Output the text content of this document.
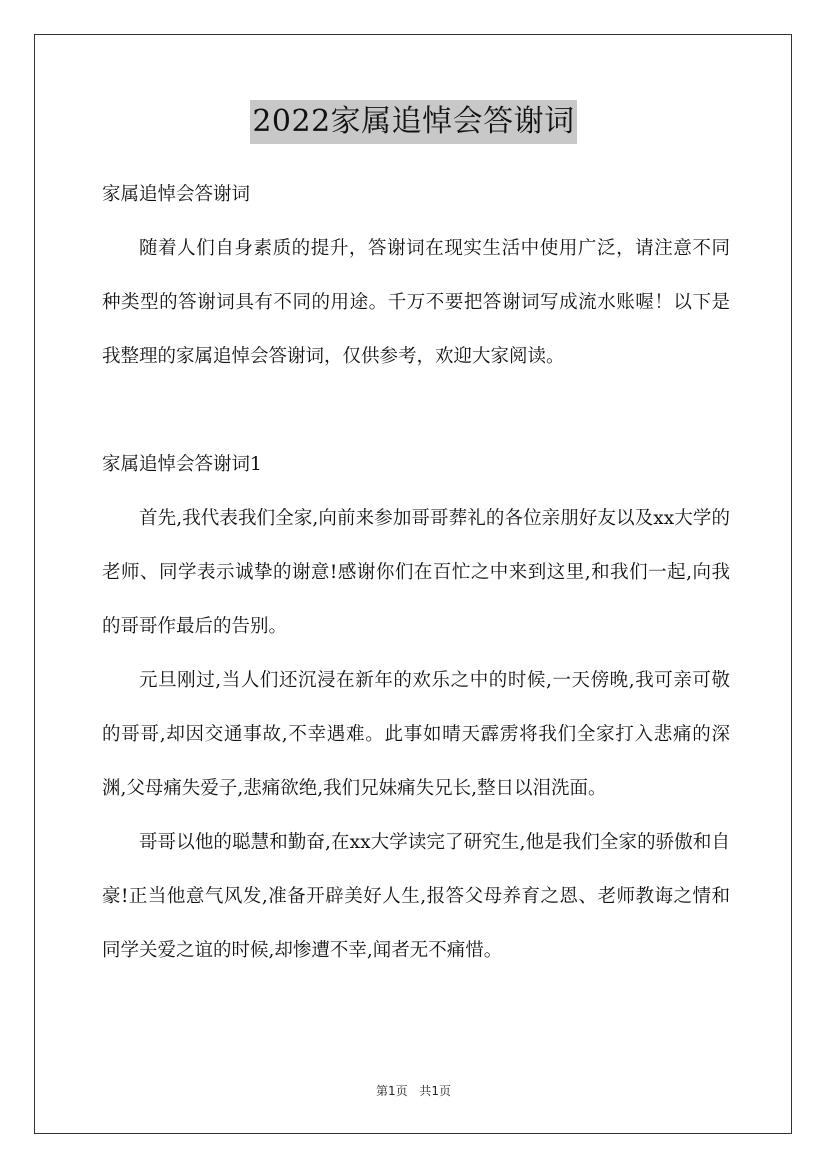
2022家属追悼会答谢词

家属追悼会答谢词

随着人们自身素质的提升，答谢词在现实生活中使用广泛，请注意不同种类型的答谢词具有不同的用途。千万不要把答谢词写成流水账喔！以下是我整理的家属追悼会答谢词，仅供参考，欢迎大家阅读。

家属追悼会答谢词1

首先,我代表我们全家,向前来参加哥哥葬礼的各位亲朋好友以及xx大学的老师、同学表示诚挚的谢意!感谢你们在百忙之中来到这里,和我们一起,向我的哥哥作最后的告别。

元旦刚过,当人们还沉浸在新年的欢乐之中的时候,一天傍晚,我可亲可敬的哥哥,却因交通事故,不幸遇难。此事如晴天霹雳将我们全家打入悲痛的深渊,父母痛失爱子,悲痛欲绝,我们兄妹痛失兄长,整日以泪洗面。

哥哥以他的聪慧和勤奋,在xx大学读完了研究生,他是我们全家的骄傲和自豪!正当他意气风发,准备开辟美好人生,报答父母养育之恩、老师教诲之情和同学关爱之谊的时候,却惨遭不幸,闻者无不痛惜。

第1页 共1页
